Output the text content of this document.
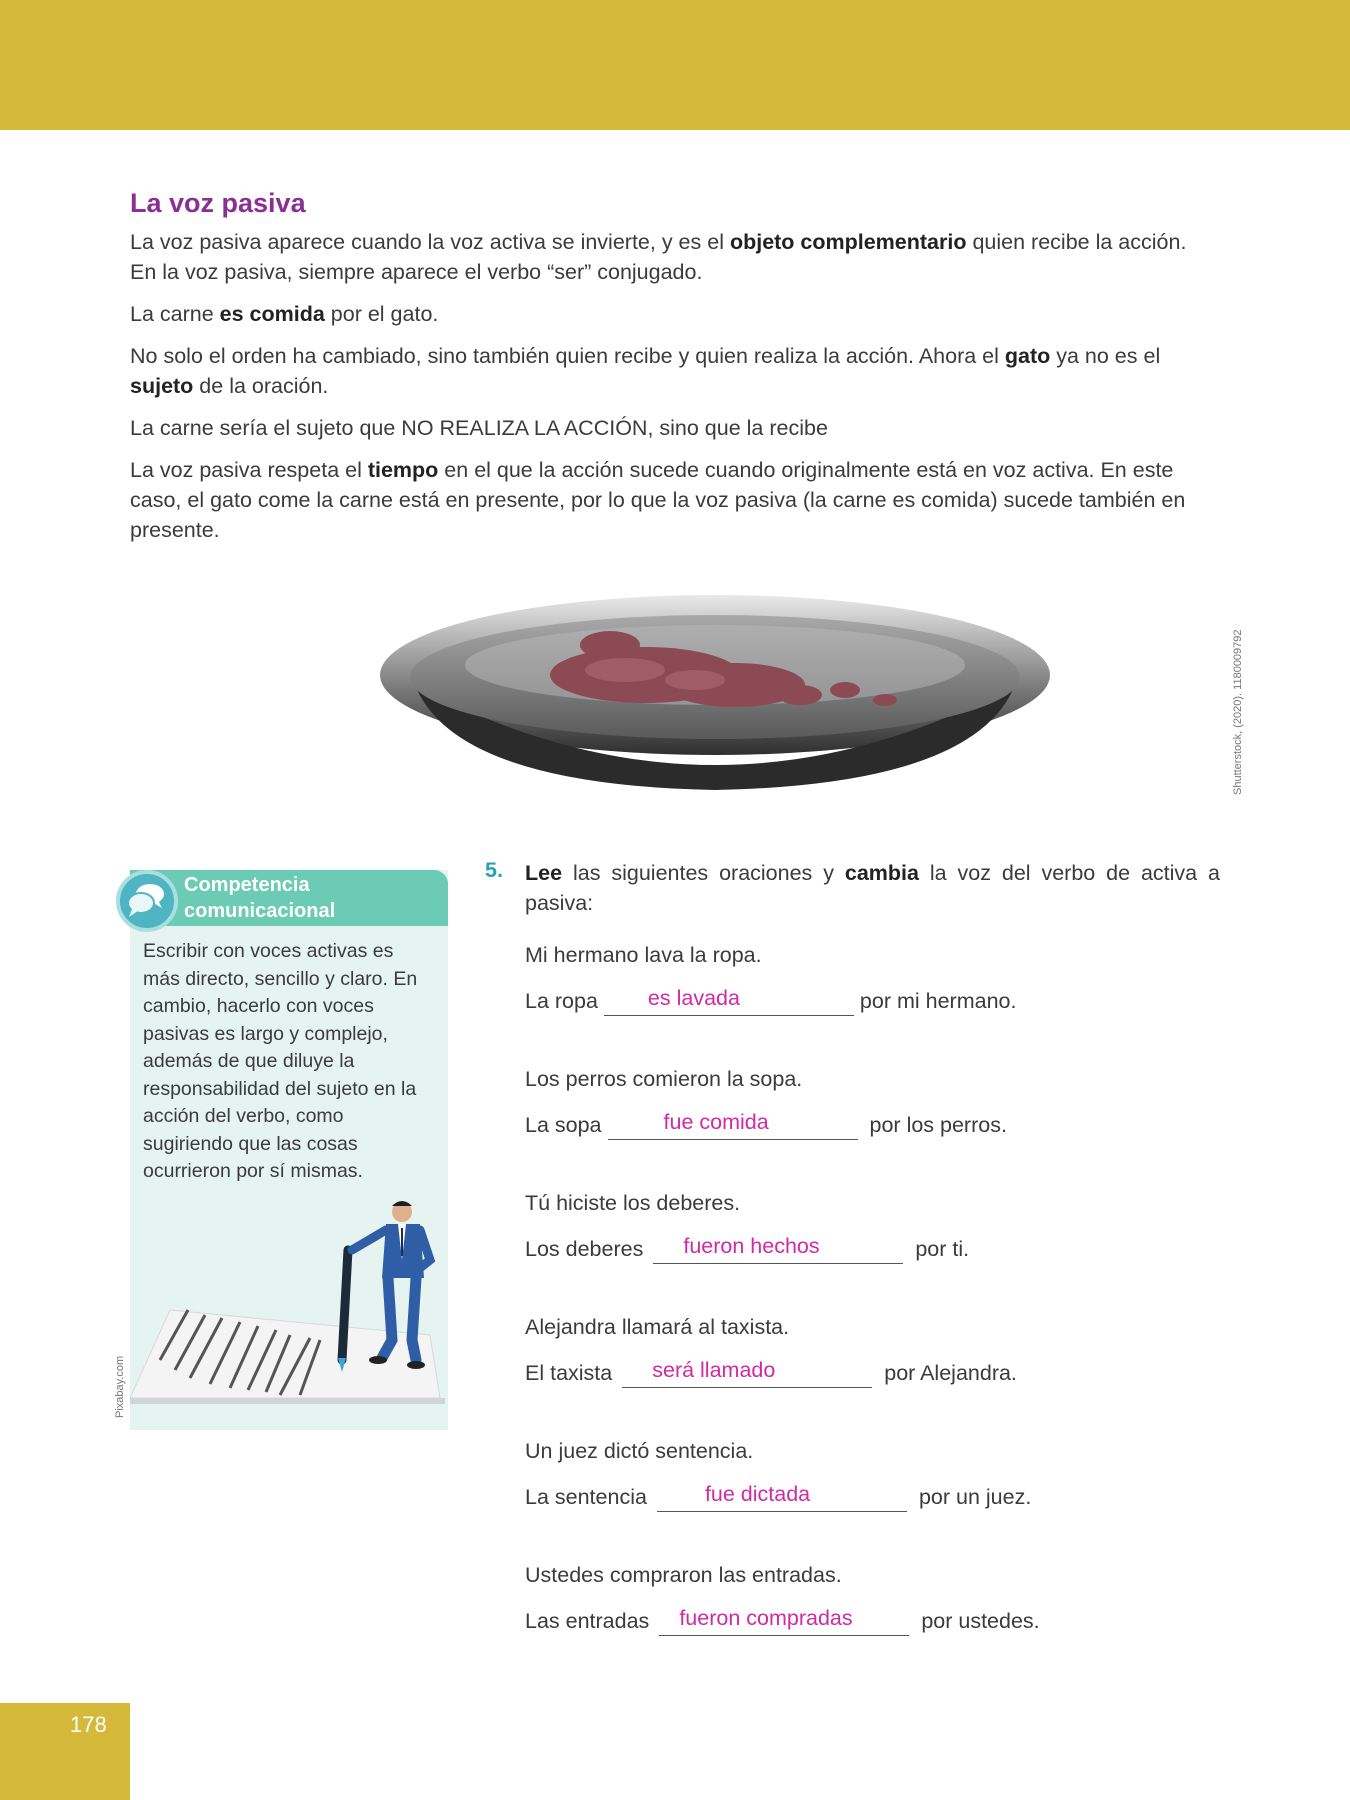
La voz pasiva

La voz pasiva aparece cuando la voz activa se invierte, y es el objeto complementario quien recibe la acción. En la voz pasiva, siempre aparece el verbo “ser” conjugado.

La carne es comida por el gato.

No solo el orden ha cambiado, sino también quien recibe y quien realiza la acción. Ahora el gato ya no es el sujeto de la oración.

La carne sería el sujeto que NO REALIZA LA ACCIÓN, sino que la recibe

La voz pasiva respeta el tiempo en el que la acción sucede cuando originalmente está en voz activa. En este caso, el gato come la carne está en presente, por lo que la voz pasiva (la carne es comida) sucede también en presente.

Shutterstock, (2020). 1180009792
Competencia
comunicacional
Escribir con voces activas es más directo, sencillo y claro. En cambio, hacerlo con voces pasivas es largo y complejo, además de que diluye la responsabilidad del sujeto en la acción del verbo, como sugiriendo que las cosas ocurrieron por sí mismas.
Pixabay.com
5. Lee las siguientes oraciones y cambia la voz del verbo de activa a pasiva:
Mi hermano lava la ropa.
La ropa es lavada	por mi hermano.
Los perros comieron la sopa.
La sopa	fue comida	por los perros.
Tú hiciste los deberes.
Los deberes fueron hechos	por ti.
Alejandra llamará al taxista.
El taxista será llamado	por Alejandra.
Un juez dictó sentencia.
La sentencia	fue dictada	por un juez.
Ustedes compraron las entradas.
Las entradas fueron compradas	por ustedes.
178
